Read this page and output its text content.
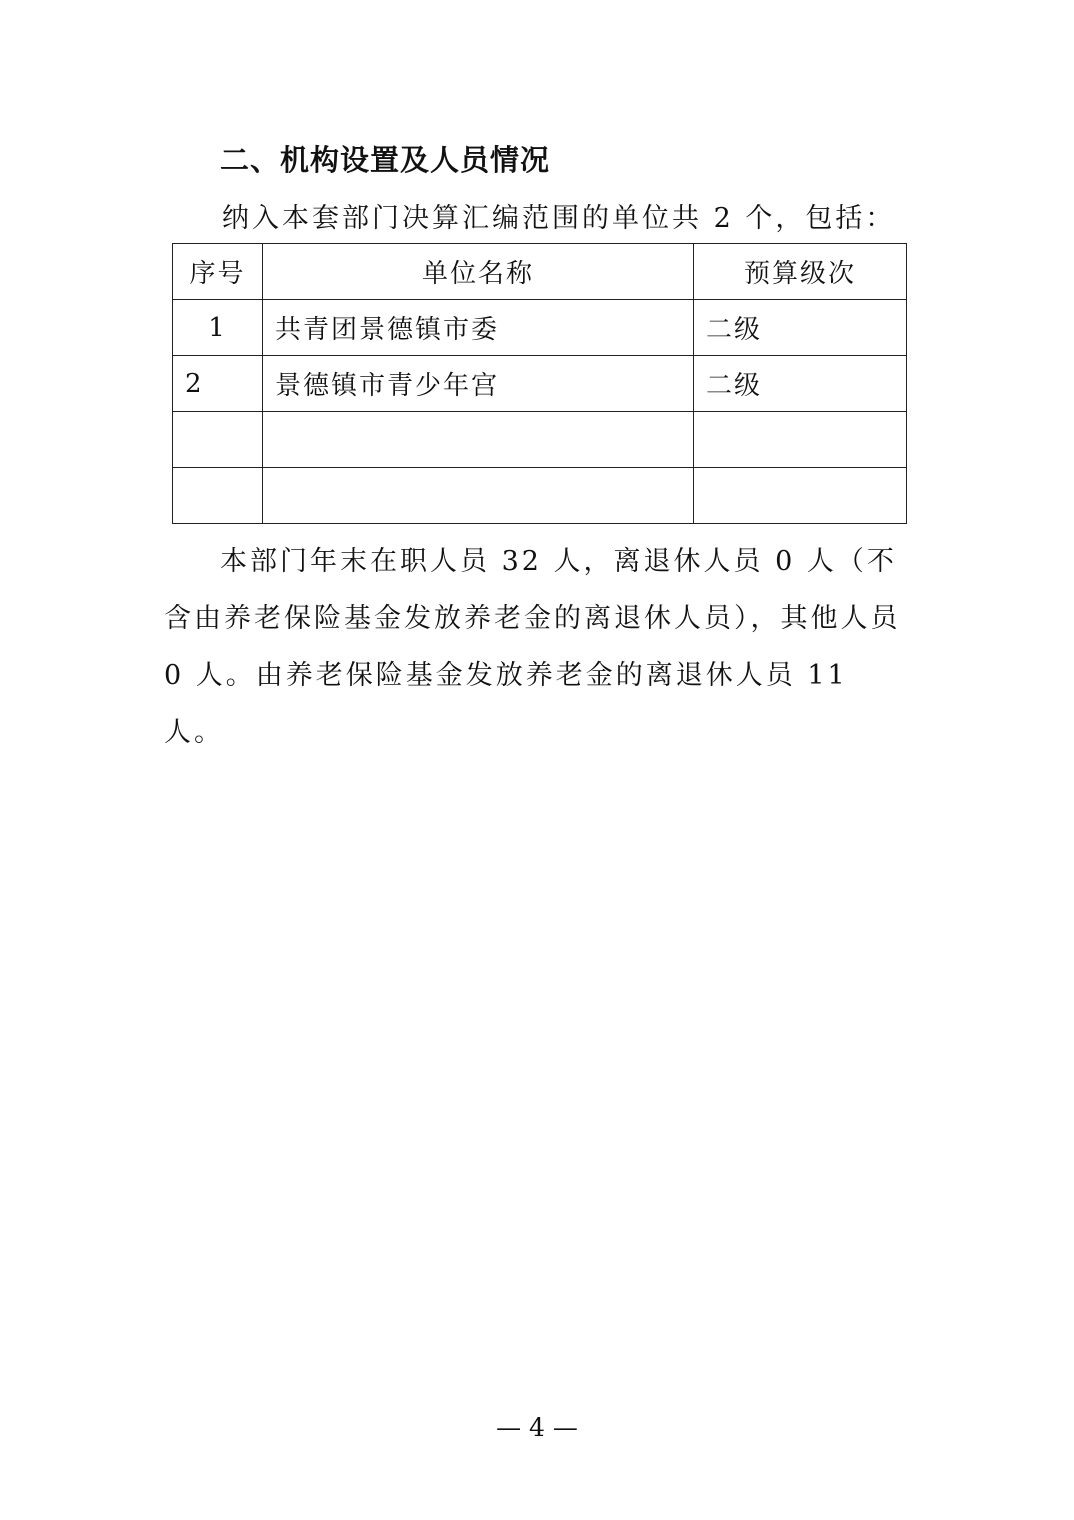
二、机构设置及人员情况
纳入本套部门决算汇编范围的单位共 2 个，包括：
序号	单位名称	预算级次
1	共青团景德镇市委	二级
2	景德镇市青少年宫	二级

本部门年末在职人员 32 人，离退休人员 0 人（不含由养老保险基金发放养老金的离退休人员），其他人员 0 人。由养老保险基金发放养老金的离退休人员 11 人。
— 4 —
